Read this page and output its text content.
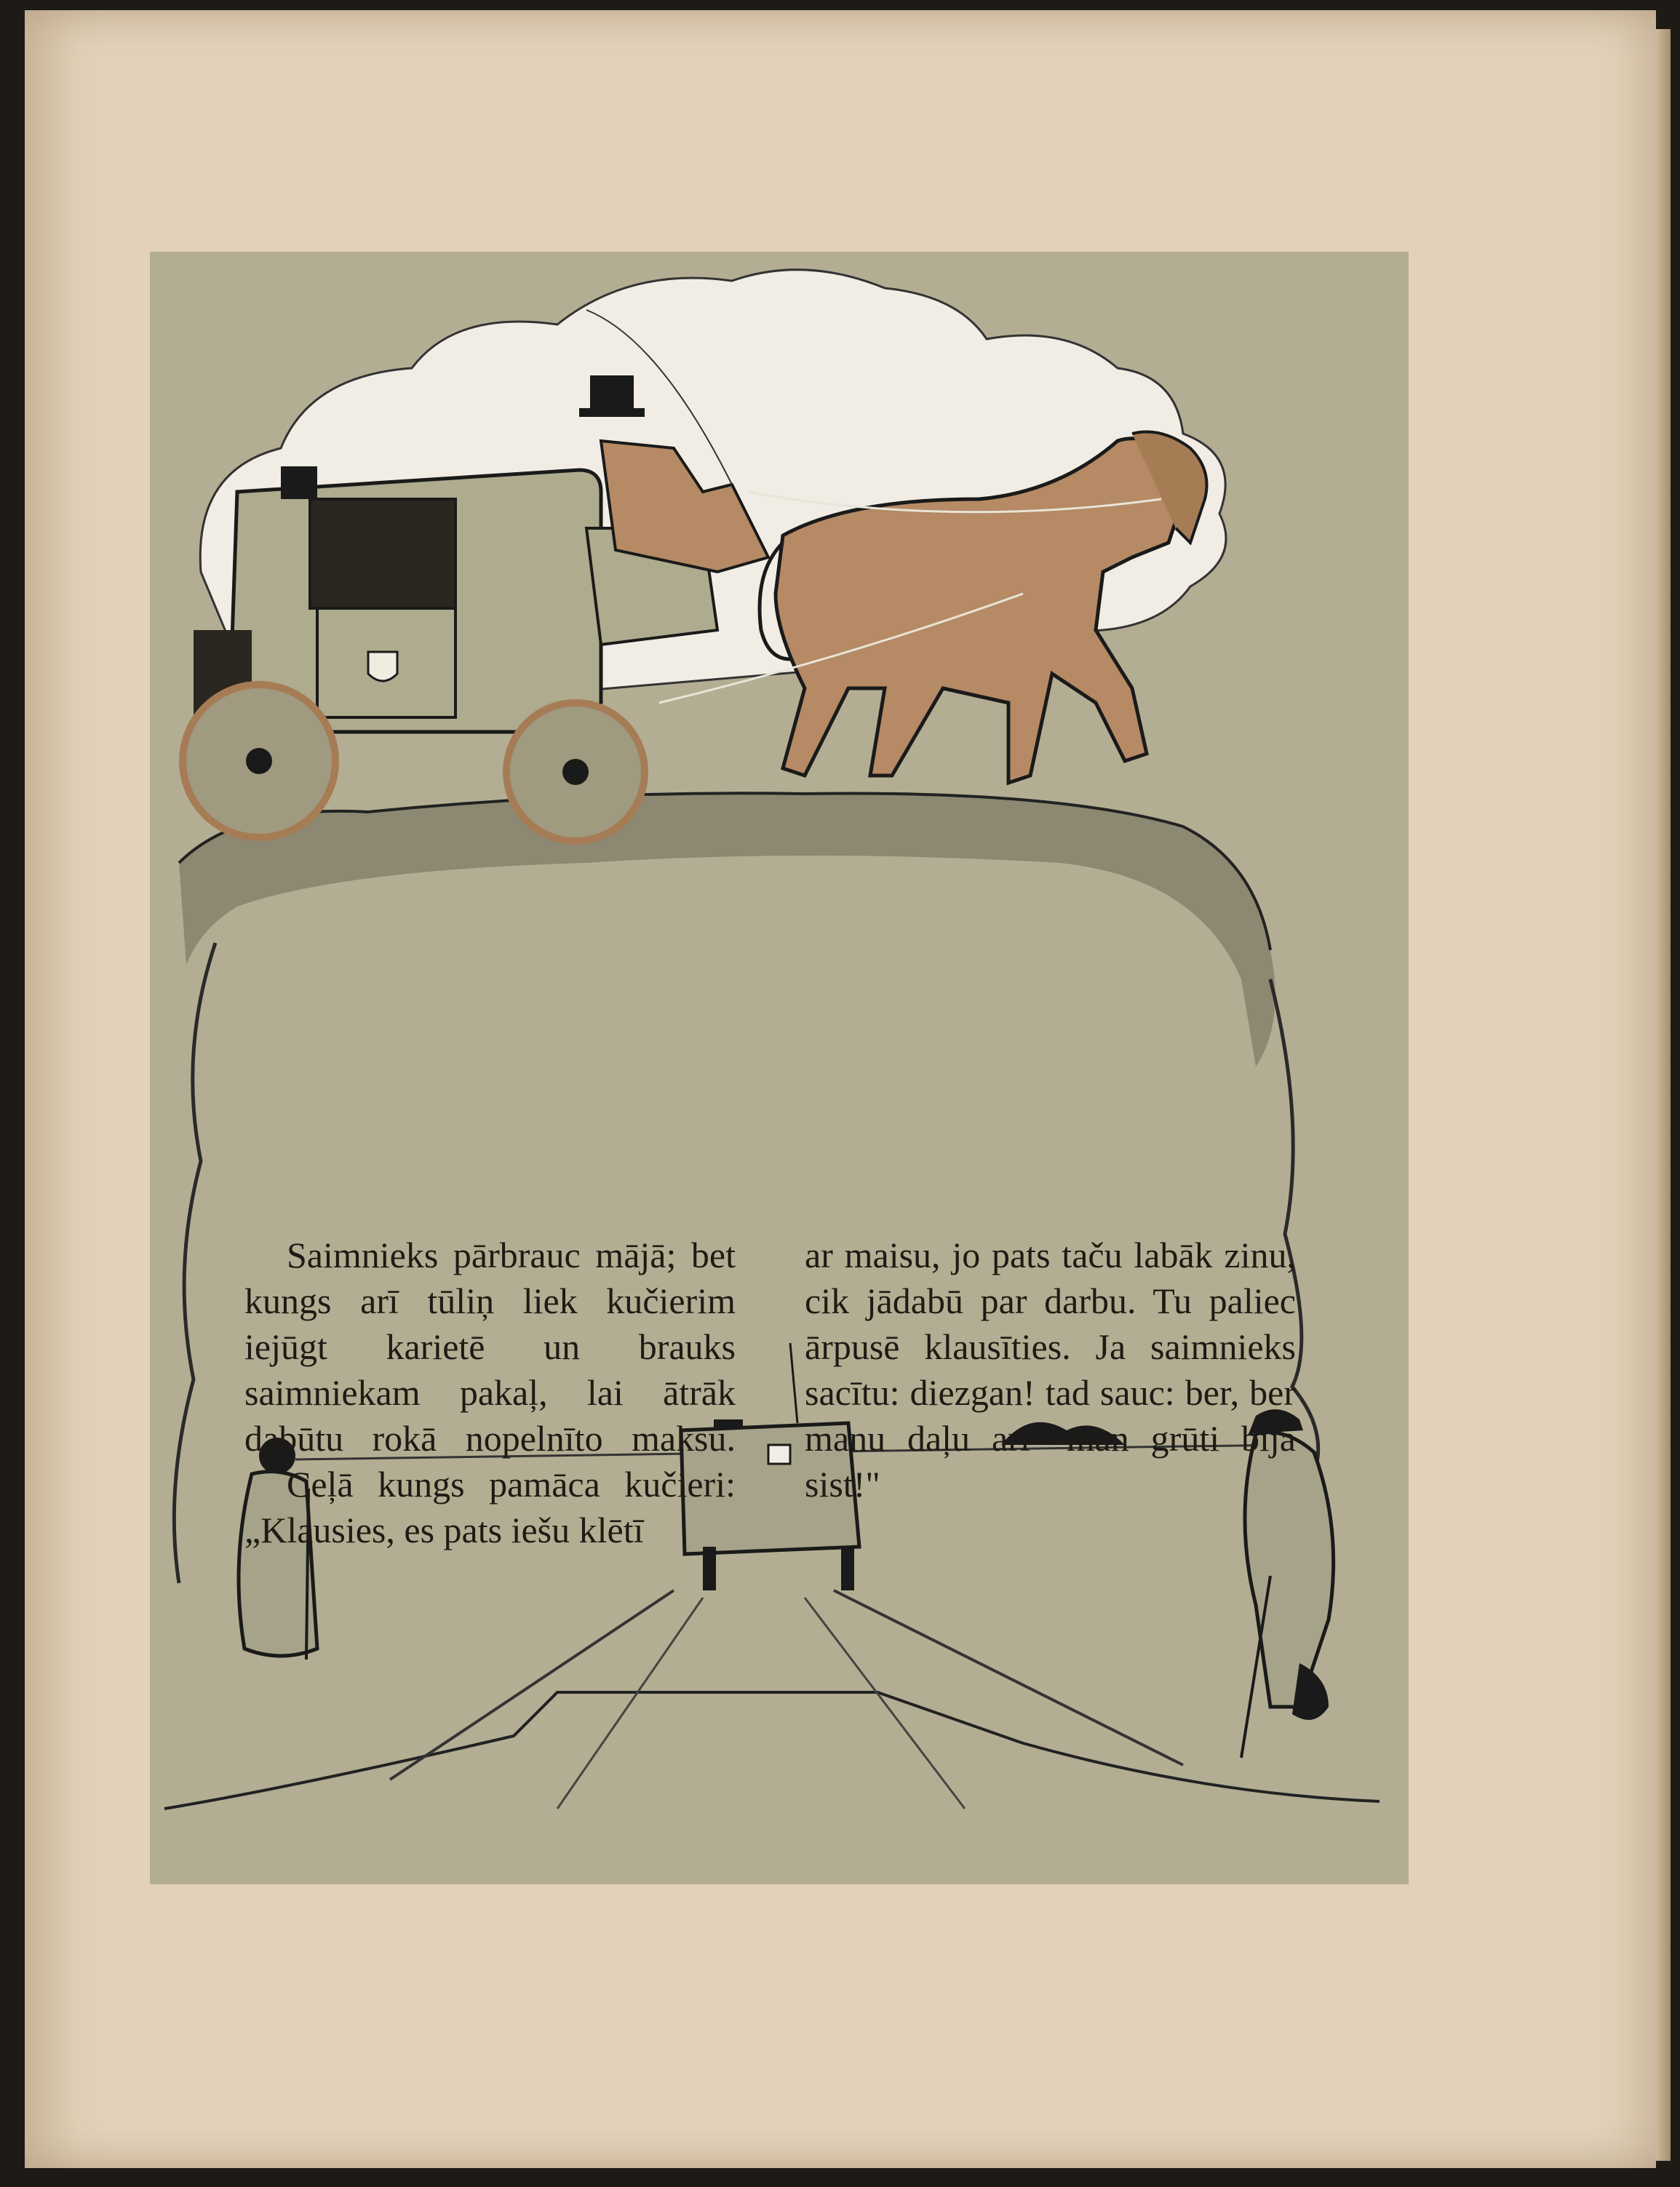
Saimnieks pārbrauc mājā; bet kungs arī tūliņ liek kučierim iejūgt karietē un brauks saimniekam pakaļ, lai ātrāk dabūtu rokā nopelnīto maksu.

Ceļā kungs pamāca kučieri: „Klausies, es pats iešu klētī

ar maisu, jo pats taču labāk zinu, cik jādabū par darbu. Tu paliec ārpusē klausīties. Ja saimnieks sacītu: diezgan! tad sauc: ber, ber manu daļu arī—man grūti bija sist!"
